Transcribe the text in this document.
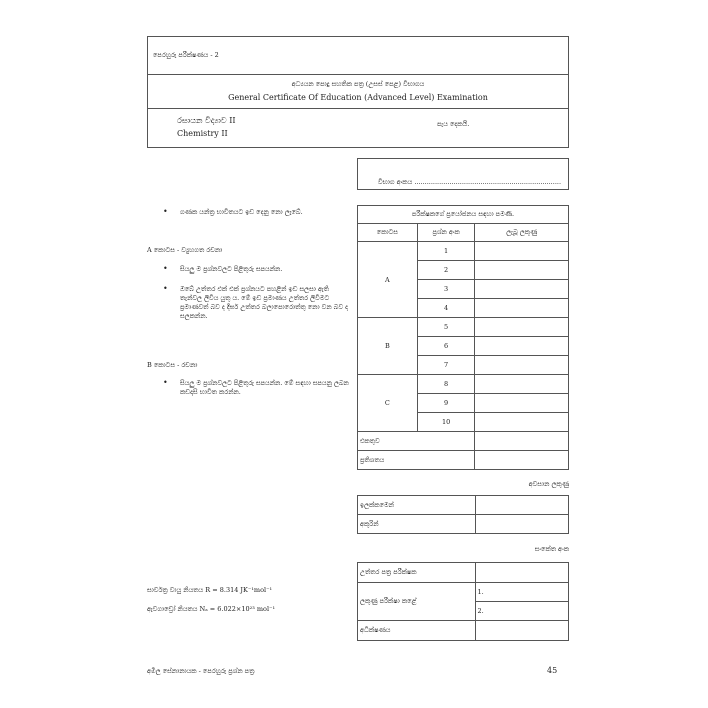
පෙරහුරු පරීක්ෂණය - 2
අධ්‍යයන පොදු සහතික පත්‍ර (උසස් පෙළ) විභාගය
General Certificate Of Education (Advanced Level) Examination
රසායන විද්‍යාව II
Chemistry II
පැය දෙකයි.
විභාග අංකය .......................................................................
• ගණක යන්ත්‍ර භාවිතයට ඉඩ දෙනු නො ලැබේ.
A කොටස - ව්‍යුහගත රචනා
• සියලු ම ප්‍රශ්නවලට පිළිතුරු සපයන්න.
• ඔබේ උත්තර එක් එක් ප්‍රශ්නයට පහළින් ඉඩ සලසා ඇති තැන්වල ලිවිය යුතු ය. මේ ඉඩ ප්‍රමාණය උත්තර ලිවීමට ප්‍රමාණවත් බව ද දීර්ඝ උත්තර බලාපොරොත්තු නො වන බව ද සලකන්න.
B කොටස - රචනා
• සියලු ම ප්‍රශ්නවලට පිළිතුරු සපයන්න. මේ සඳහා සපයනු ලබන කඩදාසි භාවිත කරන්න.
පරීක්ෂකගේ ප්‍රයෝජනය සඳහා පමණි.		
කොටස	ප්‍රශ්න අංක	ලැබූ ලකුණු
A	1	
	2	
	3	
	4	
B	5	
	6	
	7	
C	8	
	9	
	10	
එකතුව		
ප්‍රතිශතය		
අවසාන ලකුණු
ඉලක්කමෙන්	
අකුරින්	
සංකේත අංක
උත්තර පත්‍ර පරීක්ෂක	
ලකුණු පරීක්ෂා කළේ	1.
	2.
අධීක්ෂණය	
සාර්වත්‍ර වායු නියතය R = 8.314 JK⁻¹mol⁻¹
ඇවගාඩ්‍රෝ නියතය Nₐ = 6.022×10²³ mol⁻¹
අමිල සේනානායක - පෙරහුරු ප්‍රශ්න පත්‍ර	45
